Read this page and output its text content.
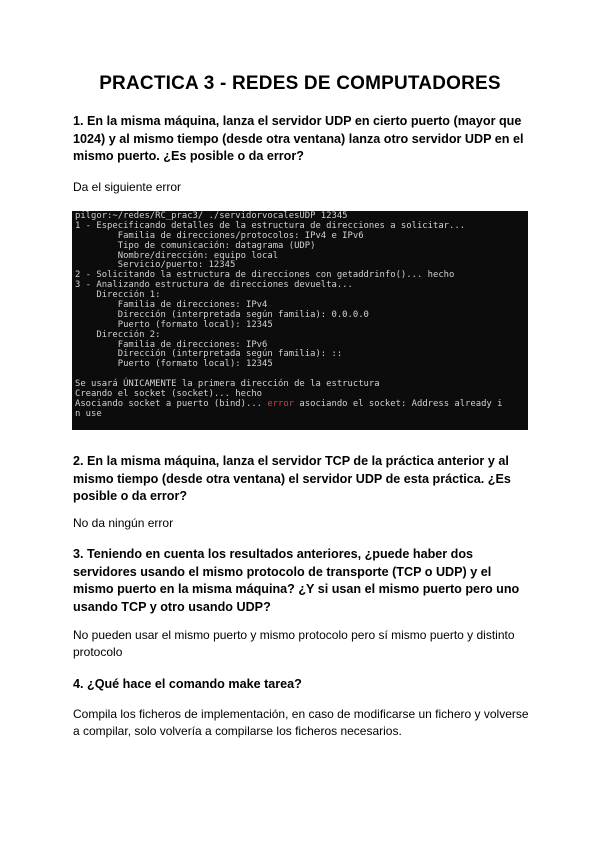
PRACTICA 3 - REDES DE COMPUTADORES
1. En la misma máquina, lanza el servidor UDP en cierto puerto (mayor que 1024) y al mismo tiempo (desde otra ventana) lanza otro servidor UDP en el mismo puerto. ¿Es posible o da error?
Da el siguiente error
pilgor:~/redes/RC_prac3/ ./servidorvocalesUDP 12345
1 - Especificando detalles de la estructura de direcciones a solicitar...
Familia de direcciones/protocolos: IPv4 e IPv6
Tipo de comunicación: datagrama (UDP)
Nombre/dirección: equipo local
Servicio/puerto: 12345
2 - Solicitando la estructura de direcciones con getaddrinfo()... hecho
3 - Analizando estructura de direcciones devuelta...
Dirección 1:
Familia de direcciones: IPv4
Dirección (interpretada según familia): 0.0.0.0
Puerto (formato local): 12345
Dirección 2:
Familia de direcciones: IPv6
Dirección (interpretada según familia): ::
Puerto (formato local): 12345
Se usará ÚNICAMENTE la primera dirección de la estructura
Creando el socket (socket)... hecho
Asociando socket a puerto (bind)... error asociando el socket: Address already i
n use
2. En la misma máquina, lanza el servidor TCP de la práctica anterior y al mismo tiempo (desde otra ventana) el servidor UDP de esta práctica. ¿Es posible o da error?
No da ningún error
3. Teniendo en cuenta los resultados anteriores, ¿puede haber dos servidores usando el mismo protocolo de transporte (TCP o UDP) y el mismo puerto en la misma máquina? ¿Y si usan el mismo puerto pero uno usando TCP y otro usando UDP?
No pueden usar el mismo puerto y mismo protocolo pero sí mismo puerto y distinto protocolo
4. ¿Qué hace el comando make tarea?
Compila los ficheros de implementación, en caso de modificarse un fichero y volverse a compilar, solo volvería a compilarse los ficheros necesarios.
